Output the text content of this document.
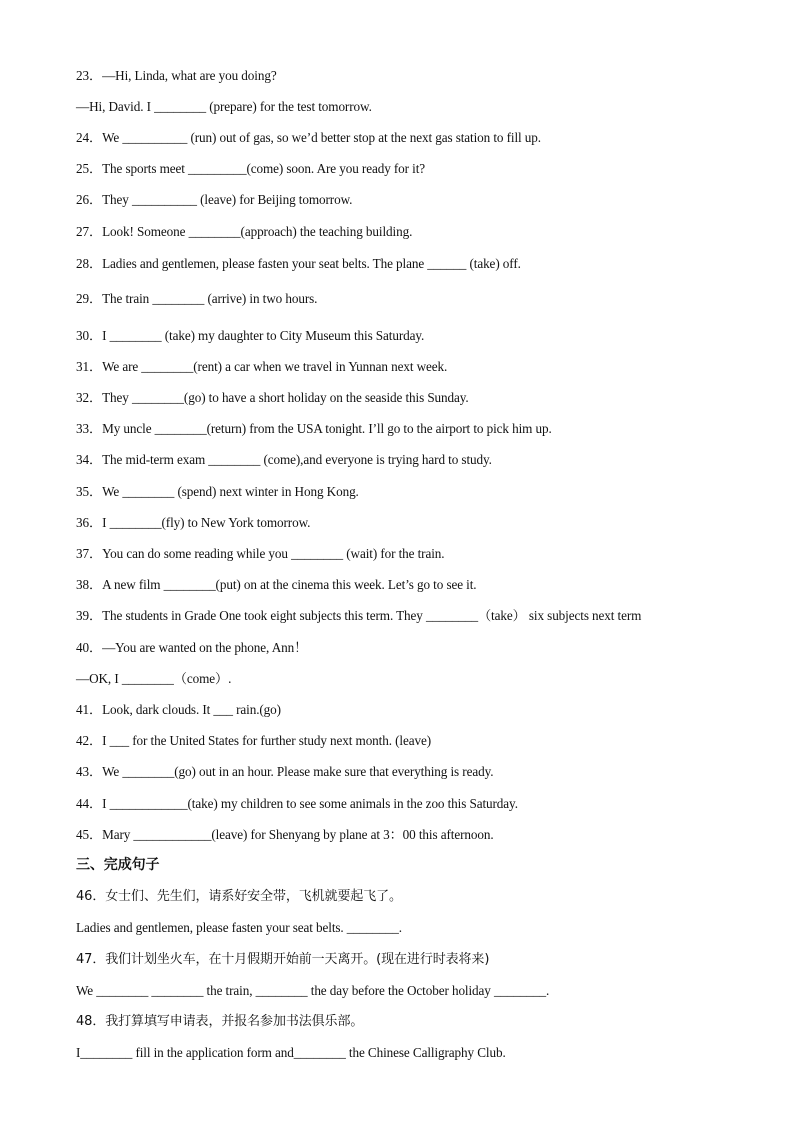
23．—Hi, Linda, what are you doing?
—Hi, David. I ________ (prepare) for the test tomorrow.
24．We __________ (run) out of gas, so we’d better stop at the next gas station to fill up.
25．The sports meet _________(come) soon. Are you ready for it?
26．They __________ (leave) for Beijing tomorrow.
27．Look! Someone ________(approach) the teaching building.
28．Ladies and gentlemen, please fasten your seat belts. The plane ______ (take) off.
29．The train ________ (arrive) in two hours.
30．I ________ (take) my daughter to City Museum this Saturday.
31．We are ________(rent) a car when we travel in Yunnan next week.
32．They ________(go) to have a short holiday on the seaside this Sunday.
33．My uncle ________(return) from the USA tonight. I’ll go to the airport to pick him up.
34．The mid-term exam ________ (come),and everyone is trying hard to study.
35．We ________ (spend) next winter in Hong Kong.
36．I ________(fly) to New York tomorrow.
37．You can do some reading while you ________ (wait) for the train.
38．A new film ________(put) on at the cinema this week. Let’s go to see it.
39．The students in Grade One took eight subjects this term. They ________（take） six subjects next term
40．—You are wanted on the phone, Ann！
—OK, I ________（come）.
41．Look, dark clouds. It ___ rain.(go)
42．I ___ for the United States for further study next month. (leave)
43．We ________(go) out in an hour. Please make sure that everything is ready.
44．I ____________(take) my children to see some animals in the zoo this Saturday.
45．Mary ____________(leave) for Shenyang by plane at 3：00 this afternoon.
三、完成句子
46．女士们、先生们，请系好安全带，飞机就要起飞了。
Ladies and gentlemen, please fasten your seat belts. ________.
47．我们计划坐火车，在十月假期开始前一天离开。(现在进行时表将来)
We ________ ________ the train, ________ the day before the October holiday ________.
48．我打算填写申请表，并报名参加书法俱乐部。
I________ fill in the application form and________ the Chinese Calligraphy Club.
